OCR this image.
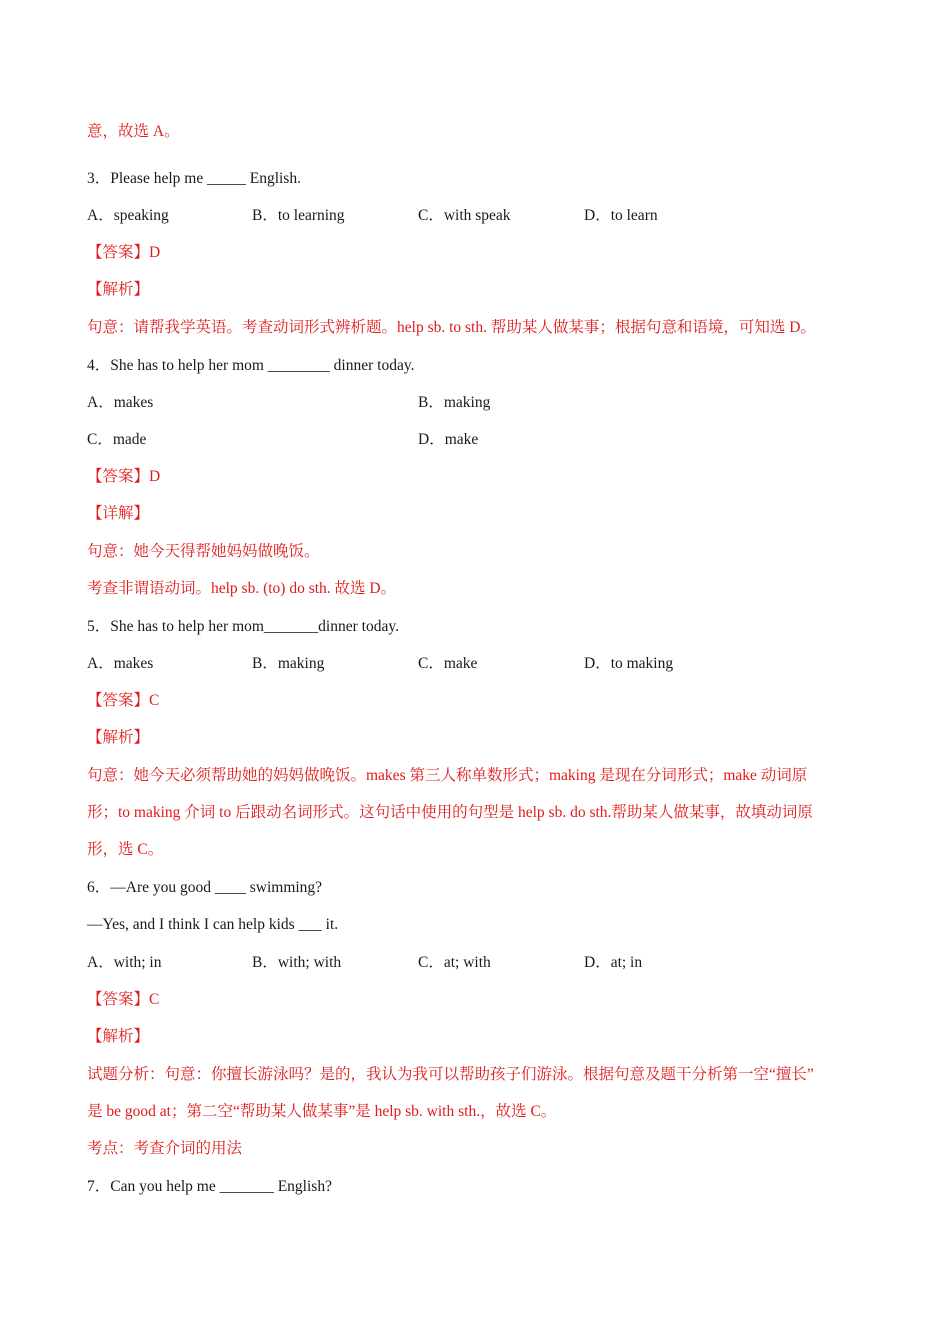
意，故选 A。
3．Please help me _____ English.
A．speaking	B．to learning	C．with speak	D．to learn
【答案】D
【解析】
句意：请帮我学英语。考查动词形式辨析题。help sb. to sth. 帮助某人做某事；根据句意和语境，可知选 D。
4．She has to help her mom ________ dinner today.
A．makes	B．making
C．made	D．make
【答案】D
【详解】
句意：她今天得帮她妈妈做晚饭。
考查非谓语动词。help sb. (to) do sth. 故选 D。
5．She has to help her mom_______dinner today.
A．makes	B．making	C．make	D．to making
【答案】C
【解析】
句意：她今天必须帮助她的妈妈做晚饭。makes 第三人称单数形式；making 是现在分词形式；make 动词原
形；to making 介词 to 后跟动名词形式。这句话中使用的句型是 help sb. do sth.帮助某人做某事，故填动词原
形，选 C。
6．—Are you good ____ swimming?
—Yes, and I think I can help kids ___ it.
A．with; in	B．with; with	C．at; with	D．at; in
【答案】C
【解析】
试题分析：句意：你擅长游泳吗？是的，我认为我可以帮助孩子们游泳。根据句意及题干分析第一空“擅长”
是 be good at；第二空“帮助某人做某事”是 help sb. with sth.，故选 C。
考点：考查介词的用法
7．Can you help me _______ English?
